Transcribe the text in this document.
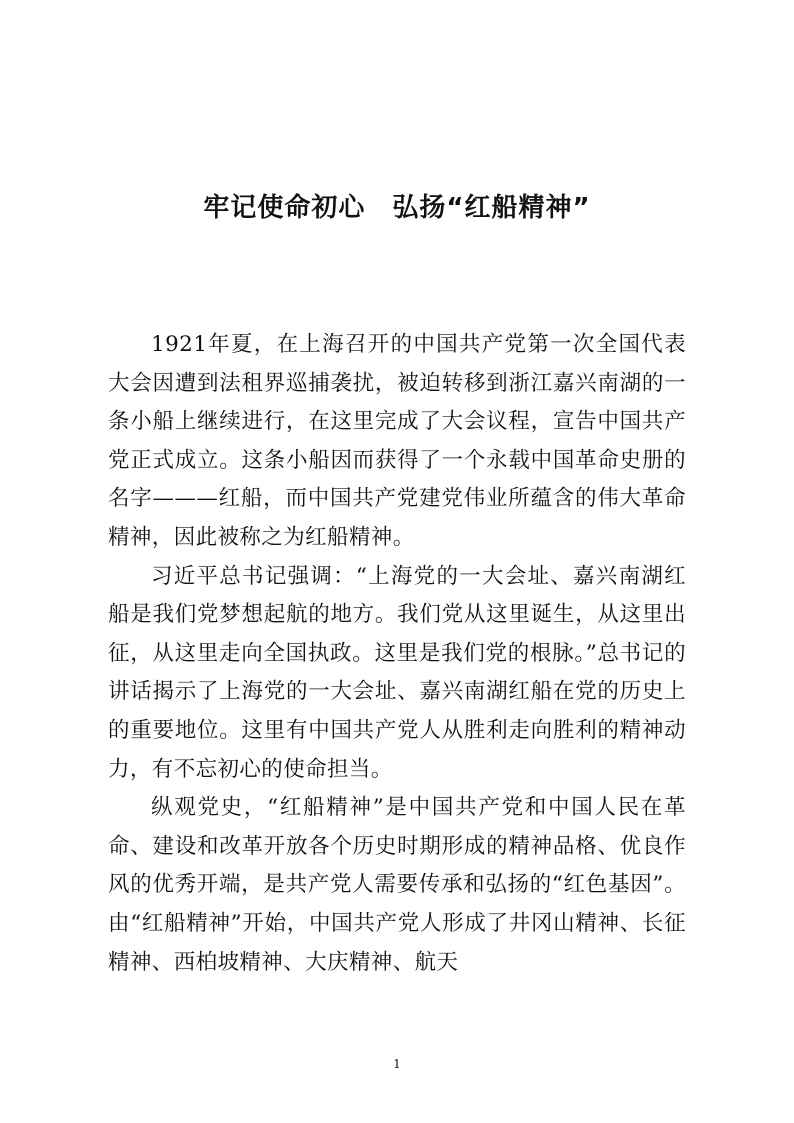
牢记使命初心　弘扬“红船精神”

1921年夏，在上海召开的中国共产党第一次全国代表大会因遭到法租界巡捕袭扰，被迫转移到浙江嘉兴南湖的一条小船上继续进行，在这里完成了大会议程，宣告中国共产党正式成立。这条小船因而获得了一个永载中国革命史册的名字———红船，而中国共产党建党伟业所蕴含的伟大革命精神，因此被称之为红船精神。

习近平总书记强调：“上海党的一大会址、嘉兴南湖红船是我们党梦想起航的地方。我们党从这里诞生，从这里出征，从这里走向全国执政。这里是我们党的根脉。”总书记的讲话揭示了上海党的一大会址、嘉兴南湖红船在党的历史上的重要地位。这里有中国共产党人从胜利走向胜利的精神动力，有不忘初心的使命担当。

纵观党史，“红船精神”是中国共产党和中国人民在革命、建设和改革开放各个历史时期形成的精神品格、优良作风的优秀开端，是共产党人需要传承和弘扬的“红色基因”。由“红船精神”开始，中国共产党人形成了井冈山精神、长征精神、西柏坡精神、大庆精神、航天

1
